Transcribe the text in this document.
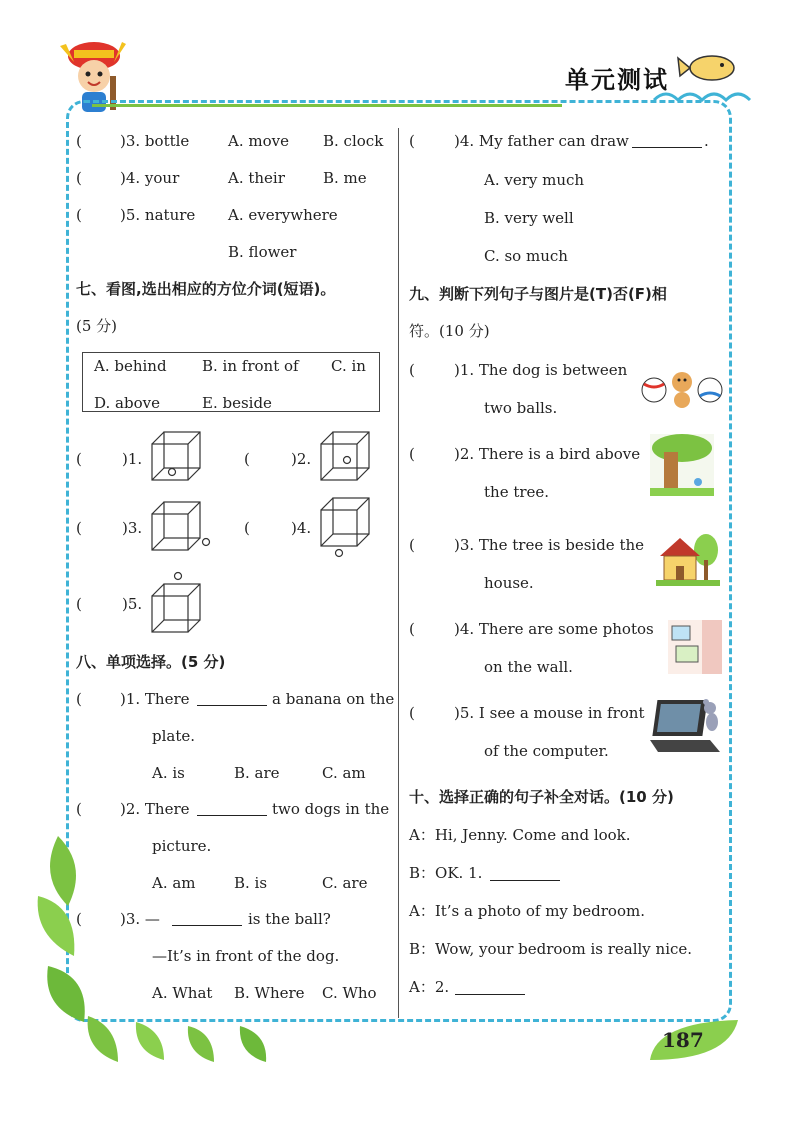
单元测试
187
(	)3. bottle	A. move B. clock
(	)4. your	A. their	B. me
(	)5. nature A. everywhere
B. flower
七、看图,选出相应的方位介词(短语)。
(5 分)
A. behind B. in front of C. in
D. above	E. beside
(	)1.	(	)2.
(	)3.	(	)4.
(	)5.
八、单项选择。(5 分)
(	)1. There	a banana on the
plate.
A. is	B. are	C. am
(	)2. There	two dogs in the
picture.
A. am	B. is	C. are
(	)3. —	is the ball?
—It’s in front of the dog.
A. What B. Where C. Who
(	)4. My father can draw	.
A. very much
B. very well
C. so much
九、判断下列句子与图片是(T)否(F)相
符。(10 分)
(	)1. The dog is between
two balls.
(	)2. There is a bird above
the tree.
(	)3. The tree is beside the
house.
(	)4. There are some photos
on the wall.
(	)5. I see a mouse in front
of the computer.
十、选择正确的句子补全对话。(10 分)
A：Hi, Jenny. Come and look.
B：OK. 1.
A：It’s a photo of my bedroom.
B：Wow, your bedroom is really nice.
A：2.
